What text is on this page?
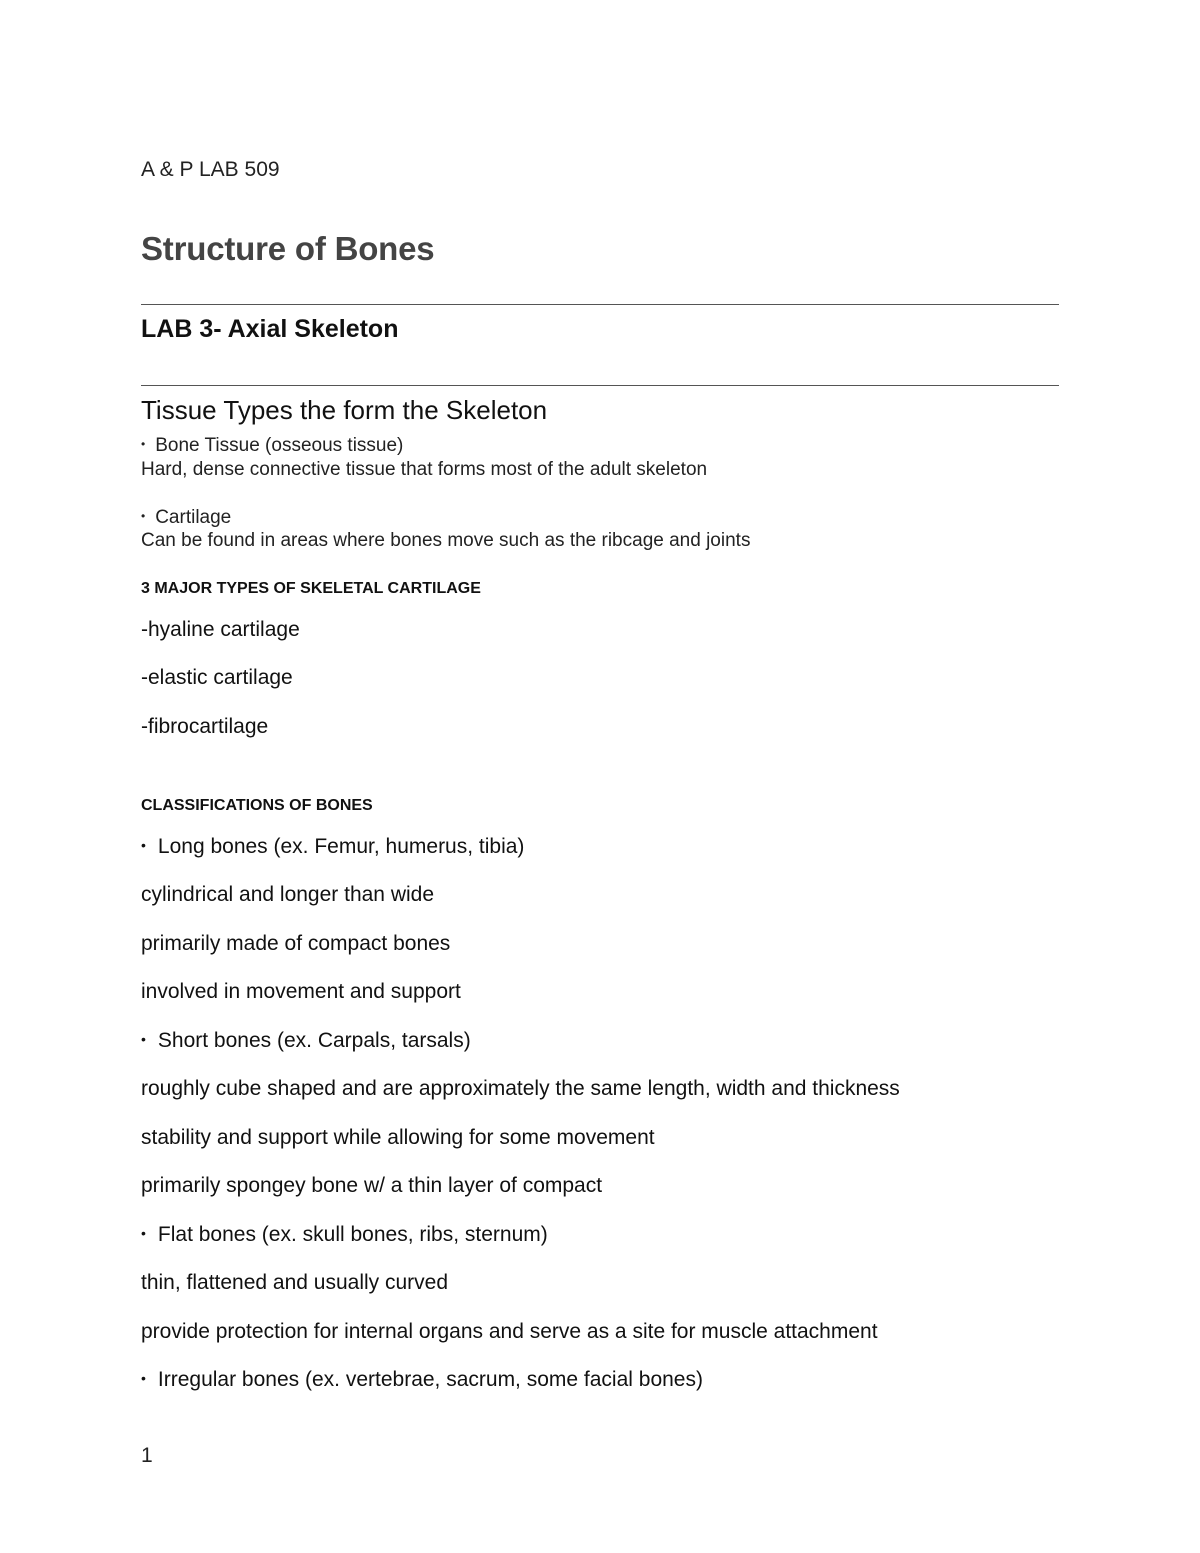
A & P LAB 509
Structure of Bones
LAB 3- Axial Skeleton
Tissue Types the form the Skeleton
• Bone Tissue (osseous tissue)
Hard, dense connective tissue that forms most of the adult skeleton
• Cartilage
Can be found in areas where bones move such as the ribcage and joints
3 MAJOR TYPES OF SKELETAL CARTILAGE
-hyaline cartilage
-elastic cartilage
-fibrocartilage
CLASSIFICATIONS OF BONES
• Long bones (ex. Femur, humerus, tibia)
cylindrical and longer than wide
primarily made of compact bones
involved in movement and support
• Short bones (ex. Carpals, tarsals)
roughly cube shaped and are approximately the same length, width and thickness
stability and support while allowing for some movement
primarily spongey bone w/ a thin layer of compact
• Flat bones (ex. skull bones, ribs, sternum)
thin, flattened and usually curved
provide protection for internal organs and serve as a site for muscle attachment
• Irregular bones (ex. vertebrae, sacrum, some facial bones)
1
